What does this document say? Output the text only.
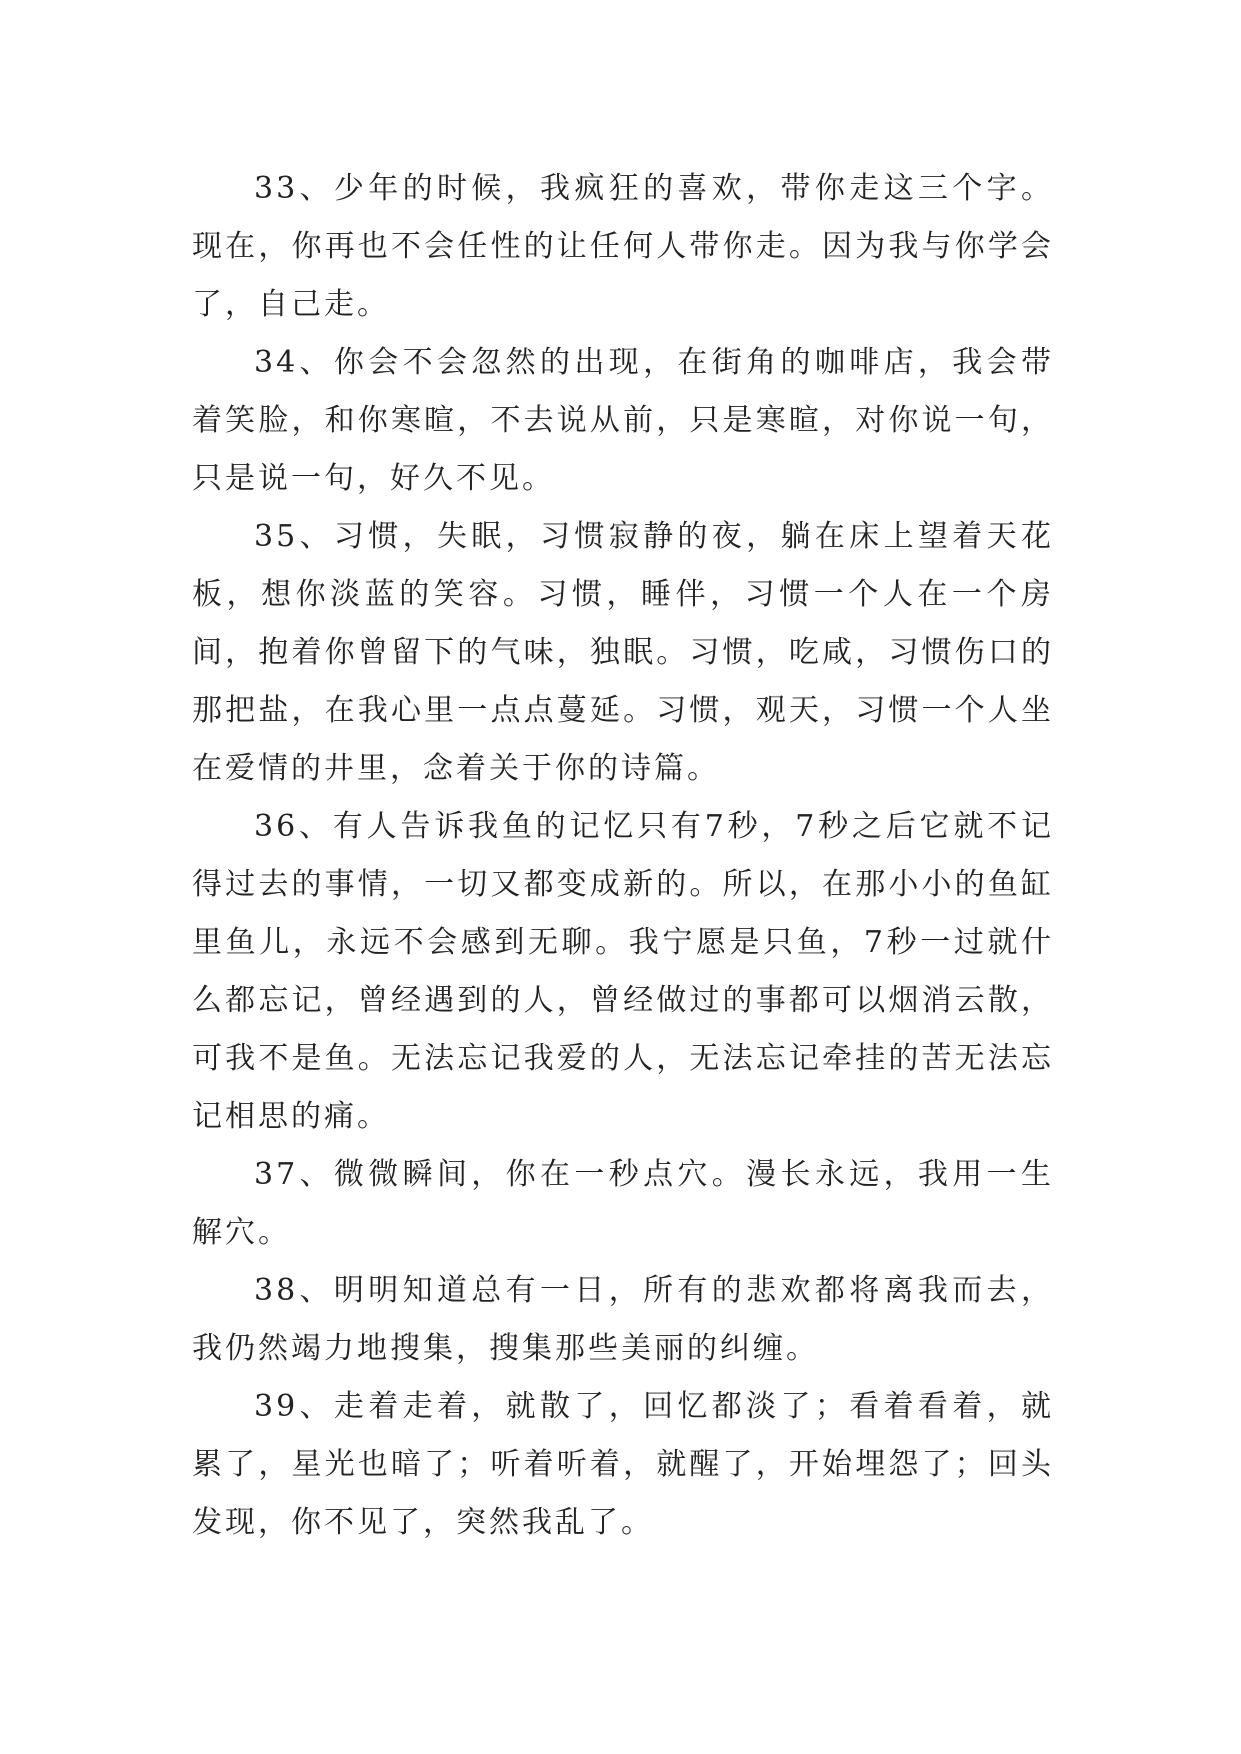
33、少年的时候，我疯狂的喜欢，带你走这三个字。现在，你再也不会任性的让任何人带你走。因为我与你学会了，自己走。

34、你会不会忽然的出现，在街角的咖啡店，我会带着笑脸，和你寒暄，不去说从前，只是寒暄，对你说一句，只是说一句，好久不见。

35、习惯，失眠，习惯寂静的夜，躺在床上望着天花板，想你淡蓝的笑容。习惯，睡伴，习惯一个人在一个房间，抱着你曾留下的气味，独眠。习惯，吃咸，习惯伤口的那把盐，在我心里一点点蔓延。习惯，观天，习惯一个人坐在爱情的井里，念着关于你的诗篇。

36、有人告诉我鱼的记忆只有7秒，7秒之后它就不记得过去的事情，一切又都变成新的。所以，在那小小的鱼缸里鱼儿，永远不会感到无聊。我宁愿是只鱼，7秒一过就什么都忘记，曾经遇到的人，曾经做过的事都可以烟消云散，可我不是鱼。无法忘记我爱的人，无法忘记牵挂的苦无法忘记相思的痛。

37、微微瞬间，你在一秒点穴。漫长永远，我用一生解穴。

38、明明知道总有一日，所有的悲欢都将离我而去，我仍然竭力地搜集，搜集那些美丽的纠缠。

39、走着走着，就散了，回忆都淡了；看着看着，就累了，星光也暗了；听着听着，就醒了，开始埋怨了；回头发现，你不见了，突然我乱了。
